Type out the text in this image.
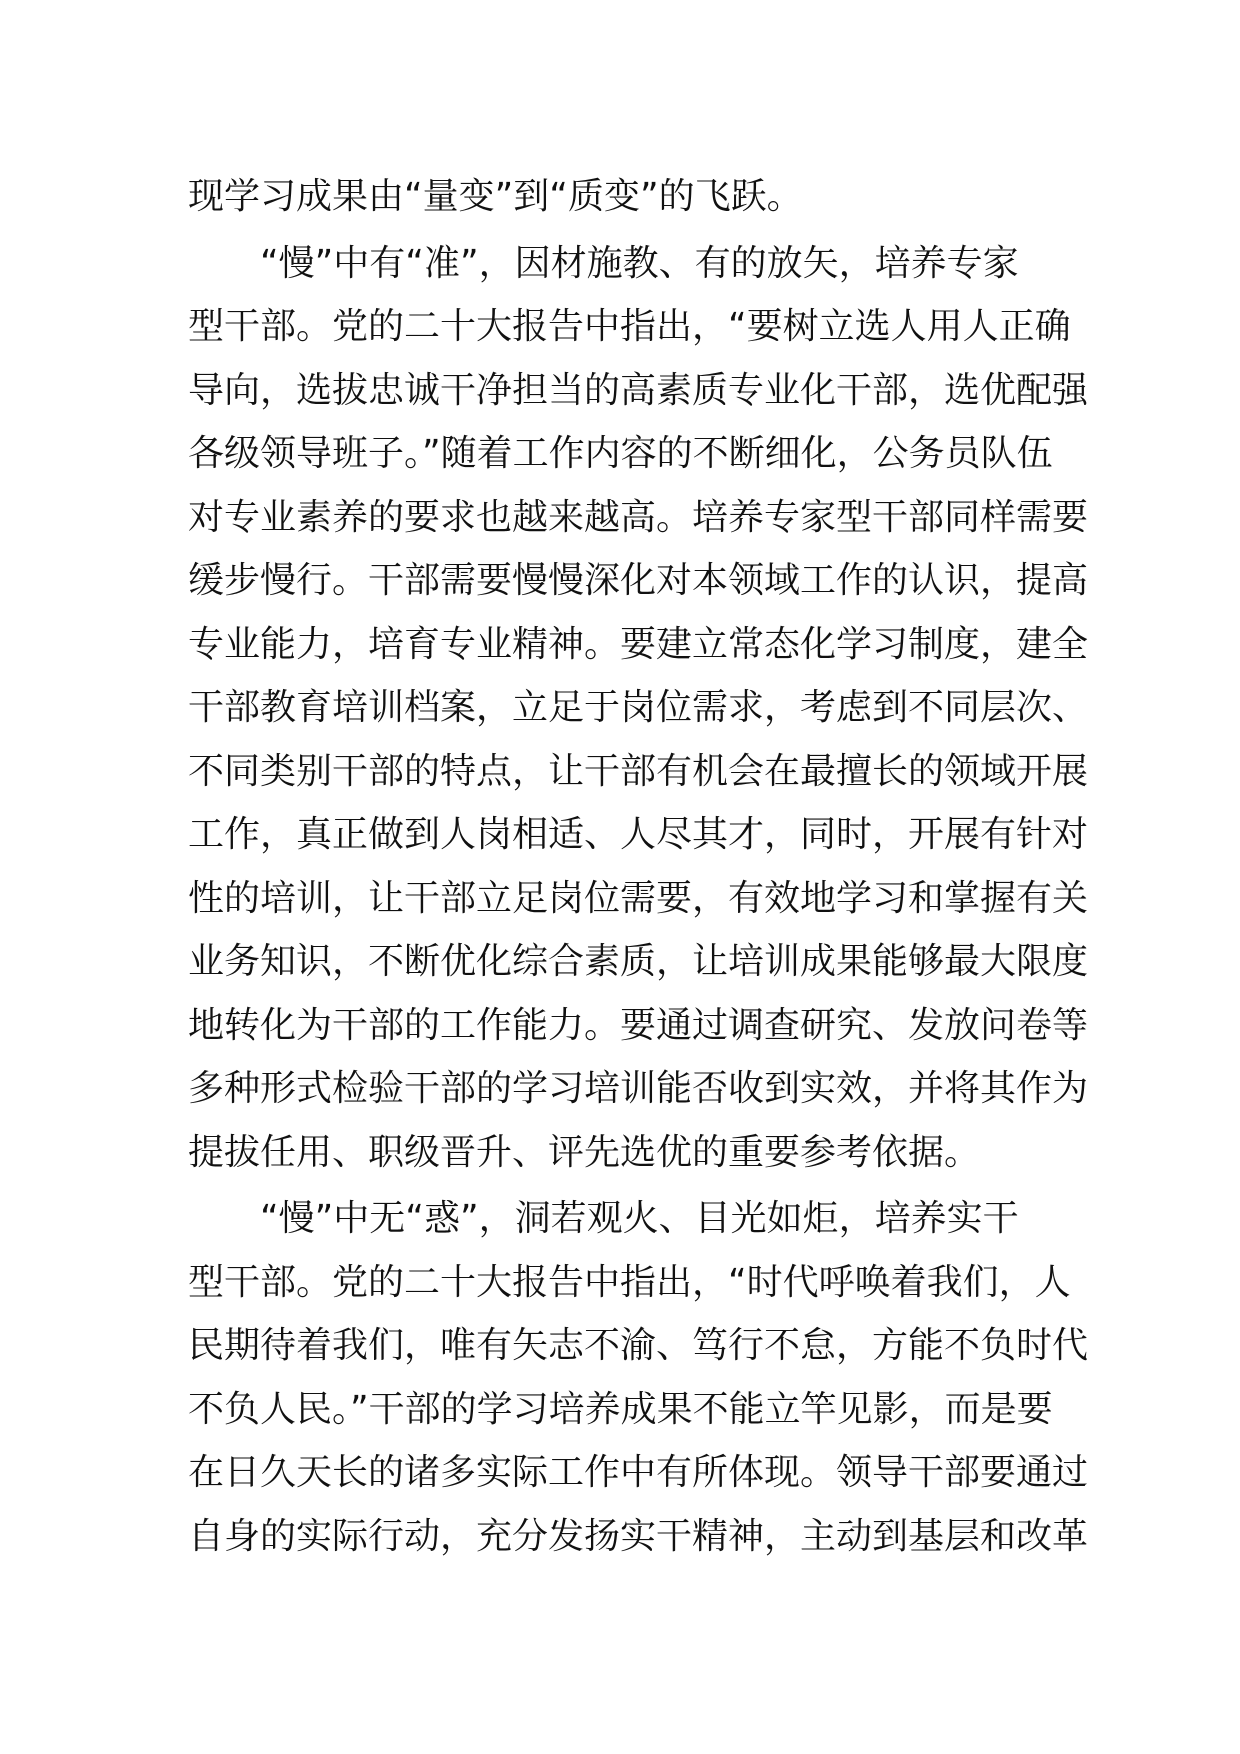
现学习成果由“量变”到“质变”的飞跃。
　　“慢”中有“准”，因材施教、有的放矢，培养专家
型干部。党的二十大报告中指出，“要树立选人用人正确
导向，选拔忠诚干净担当的高素质专业化干部，选优配强
各级领导班子。”随着工作内容的不断细化，公务员队伍
对专业素养的要求也越来越高。培养专家型干部同样需要
缓步慢行。干部需要慢慢深化对本领域工作的认识，提高
专业能力，培育专业精神。要建立常态化学习制度，建全
干部教育培训档案，立足于岗位需求，考虑到不同层次、
不同类别干部的特点，让干部有机会在最擅长的领域开展
工作，真正做到人岗相适、人尽其才，同时，开展有针对
性的培训，让干部立足岗位需要，有效地学习和掌握有关
业务知识，不断优化综合素质，让培训成果能够最大限度
地转化为干部的工作能力。要通过调查研究、发放问卷等
多种形式检验干部的学习培训能否收到实效，并将其作为
提拔任用、职级晋升、评先选优的重要参考依据。
　　“慢”中无“惑”，洞若观火、目光如炬，培养实干
型干部。党的二十大报告中指出，“时代呼唤着我们，人
民期待着我们，唯有矢志不渝、笃行不怠，方能不负时代
不负人民。”干部的学习培养成果不能立竿见影，而是要
在日久天长的诸多实际工作中有所体现。领导干部要通过
自身的实际行动，充分发扬实干精神，主动到基层和改革
